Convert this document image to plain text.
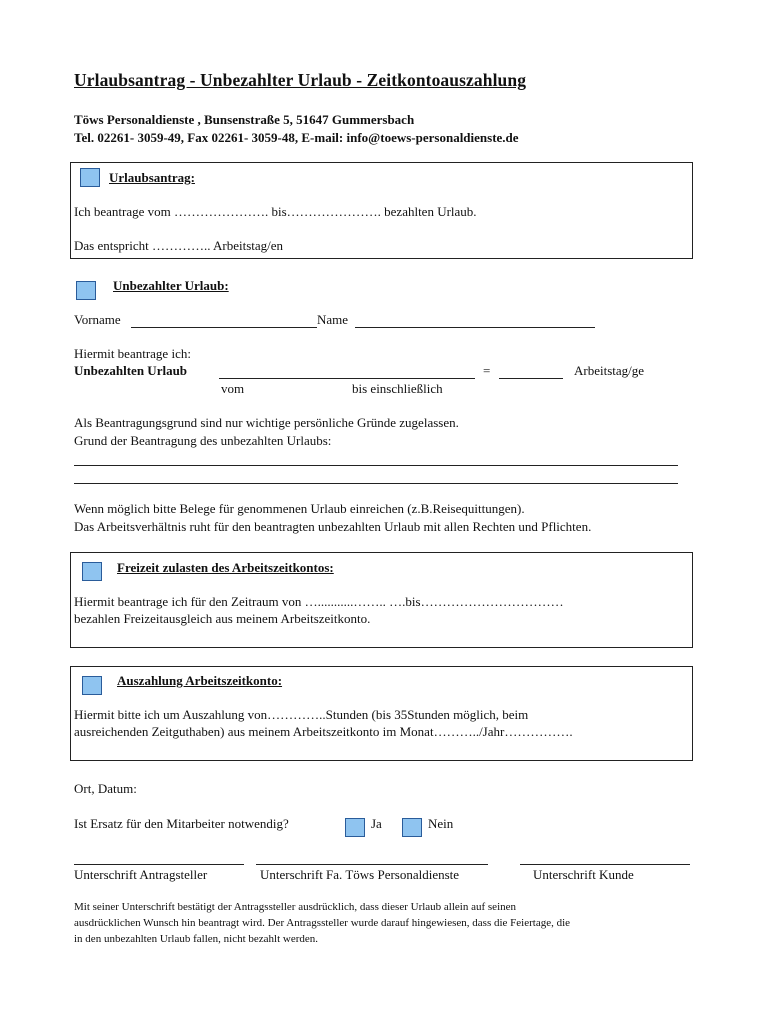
Urlaubsantrag - Unbezahlter Urlaub - Zeitkontoauszahlung
Töws Personaldienste , Bunsenstraße 5, 51647 Gummersbach
Tel. 02261- 3059-49, Fax 02261- 3059-48, E-mail: info@toews-personaldienste.de
Urlaubsantrag:
Ich beantrage vom …………………. bis…………………. bezahlten Urlaub.
Das entspricht ………….. Arbeitstag/en
Unbezahlter Urlaub:
Vorname	Name
Hiermit beantrage ich:
Unbezahlten Urlaub	=	Arbeitstag/ge
vom	bis einschließlich
Als Beantragungsgrund sind nur wichtige persönliche Gründe zugelassen.
Grund der Beantragung des unbezahlten Urlaubs:
Wenn möglich bitte Belege für genommenen Urlaub einreichen (z.B.Reisequittungen).
Das Arbeitsverhältnis ruht für den beantragten unbezahlten Urlaub mit allen Rechten und Pflichten.
Freizeit zulasten des Arbeitszeitkontos:
Hiermit beantrage ich für den Zeitraum von …...........…….. ….bis……………………………
bezahlen Freizeitausgleich aus meinem Arbeitszeitkonto.
Auszahlung Arbeitszeitkonto:
Hiermit bitte ich um Auszahlung von…………..Stunden (bis 35Stunden möglich, beim
ausreichenden Zeitguthaben) aus meinem Arbeitszeitkonto im Monat………../Jahr…………….
Ort, Datum:
Ist Ersatz für den Mitarbeiter notwendig?	Ja	Nein
Unterschrift Antragsteller	Unterschrift Fa. Töws Personaldienste	Unterschrift Kunde
Mit seiner Unterschrift bestätigt der Antragssteller ausdrücklich, dass dieser Urlaub allein auf seinen
ausdrücklichen Wunsch hin beantragt wird. Der Antragssteller wurde darauf hingewiesen, dass die Feiertage, die
in den unbezahlten Urlaub fallen, nicht bezahlt werden.
